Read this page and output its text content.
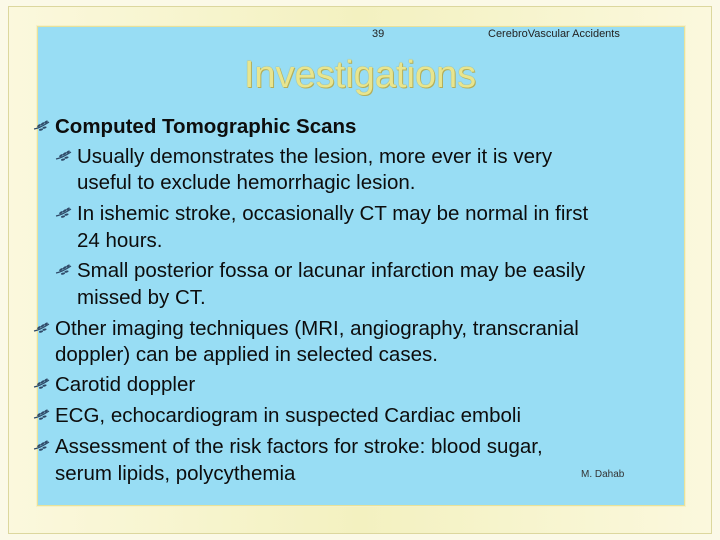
39	CerebroVascular Accidents
Investigations
Computed Tomographic Scans
Usually demonstrates the lesion, more ever it is very
useful to exclude hemorrhagic lesion.
In ishemic stroke, occasionally CT may be normal in first
24 hours.
Small posterior fossa or lacunar infarction may be easily
missed by CT.
Other imaging techniques (MRI, angiography, transcranial
doppler) can be applied in selected cases.
Carotid doppler
ECG, echocardiogram in suspected Cardiac emboli
Assessment of the risk factors for stroke: blood sugar,
serum lipids, polycythemia	M. Dahab
